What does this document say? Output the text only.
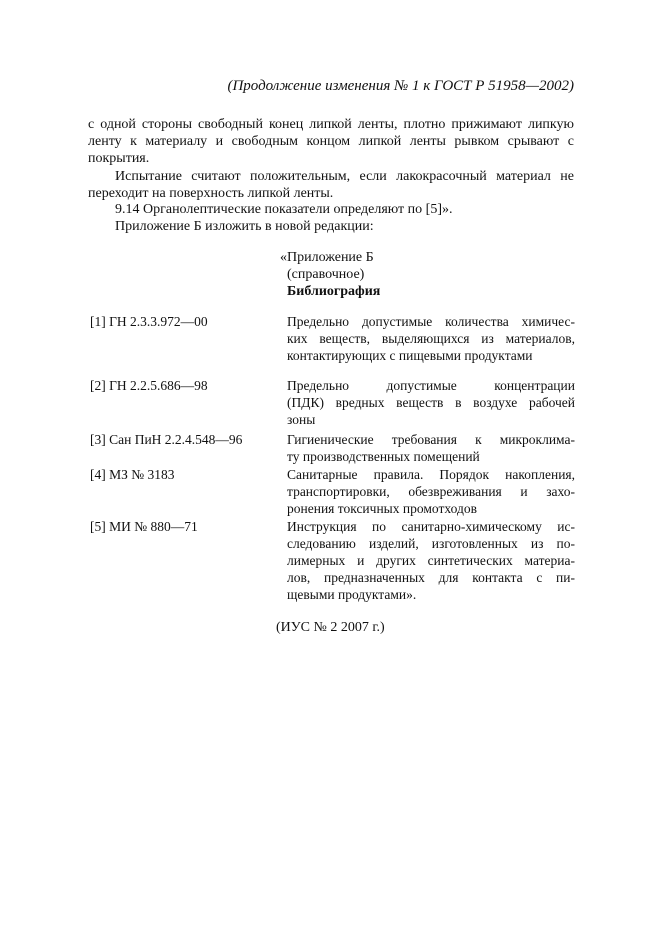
(Продолжение изменения № 1 к ГОСТ Р 51958—2002)
с одной стороны свободный конец липкой ленты, плотно прижимают липкую ленту к материалу и свободным концом липкой ленты рывком срывают с покрытия.
Испытание считают положительным, если лакокрасочный материал не переходит на поверхность липкой ленты.
9.14 Органолептические показатели определяют по [5]».
Приложение Б изложить в новой редакции:
«Приложение Б
(справочное)
Библиография
[1] ГН 2.3.3.972—00	Предельно допустимые количества химичес-
ких веществ, выделяющихся из материалов,
контактирующих с пищевыми продуктами
[2] ГН 2.2.5.686—98	Предельно допустимые концентрации
(ПДК) вредных веществ в воздухе рабочей
зоны
[3] Сан ПиН 2.2.4.548—96	Гигиенические требования к микроклима-
ту производственных помещений
[4] МЗ № 3183	Санитарные правила. Порядок накопления,
транспортировки, обезвреживания и захо-
ронения токсичных промотходов
[5] МИ № 880—71	Инструкция по санитарно-химическому ис-
следованию изделий, изготовленных из по-
лимерных и других синтетических материа-
лов, предназначенных для контакта с пи-
щевыми продуктами».
(ИУС № 2 2007 г.)
